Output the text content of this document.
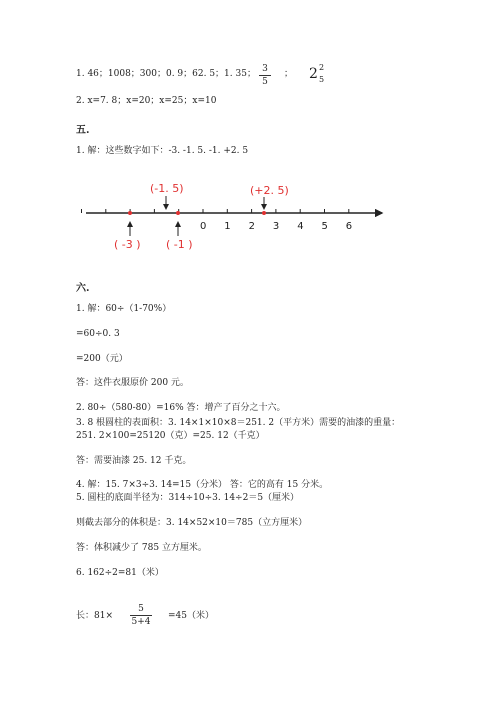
1. 46；1008；300；0. 9；62. 5；1. 35； 3
5
； 2 2
5
2. x=7. 8；x=20；x=25；x=10
五.
1. 解：这些数字如下：-3. -1. 5. -1. +2. 5
0 1 2 3 4 5 6
(-1. 5)	(+2. 5)
( -3 ) ( -1 )
六.
1. 解：60÷（1-70%）
=60÷0. 3
=200（元）
答：这件衣服原价 200 元。
2. 80÷（580-80）=16% 答：增产了百分之十六。
3. 8 根圆柱的表面积：3. 14×1×10×8＝251. 2（平方米）需要的油漆的重量：
251. 2×100=25120（克）=25. 12（千克）
答：需要油漆 25. 12 千克。
4. 解：15. 7×3÷3. 14=15（分米） 答：它的高有 15 分米。
5. 圆柱的底面半径为：314÷10÷3. 14÷2＝5（厘米）
则截去部分的体积是：3. 14×52×10＝785（立方厘米）
答：体积减少了 785 立方厘米。
6. 162÷2=81（米）
长：81×
5
5+4
=45（米）
